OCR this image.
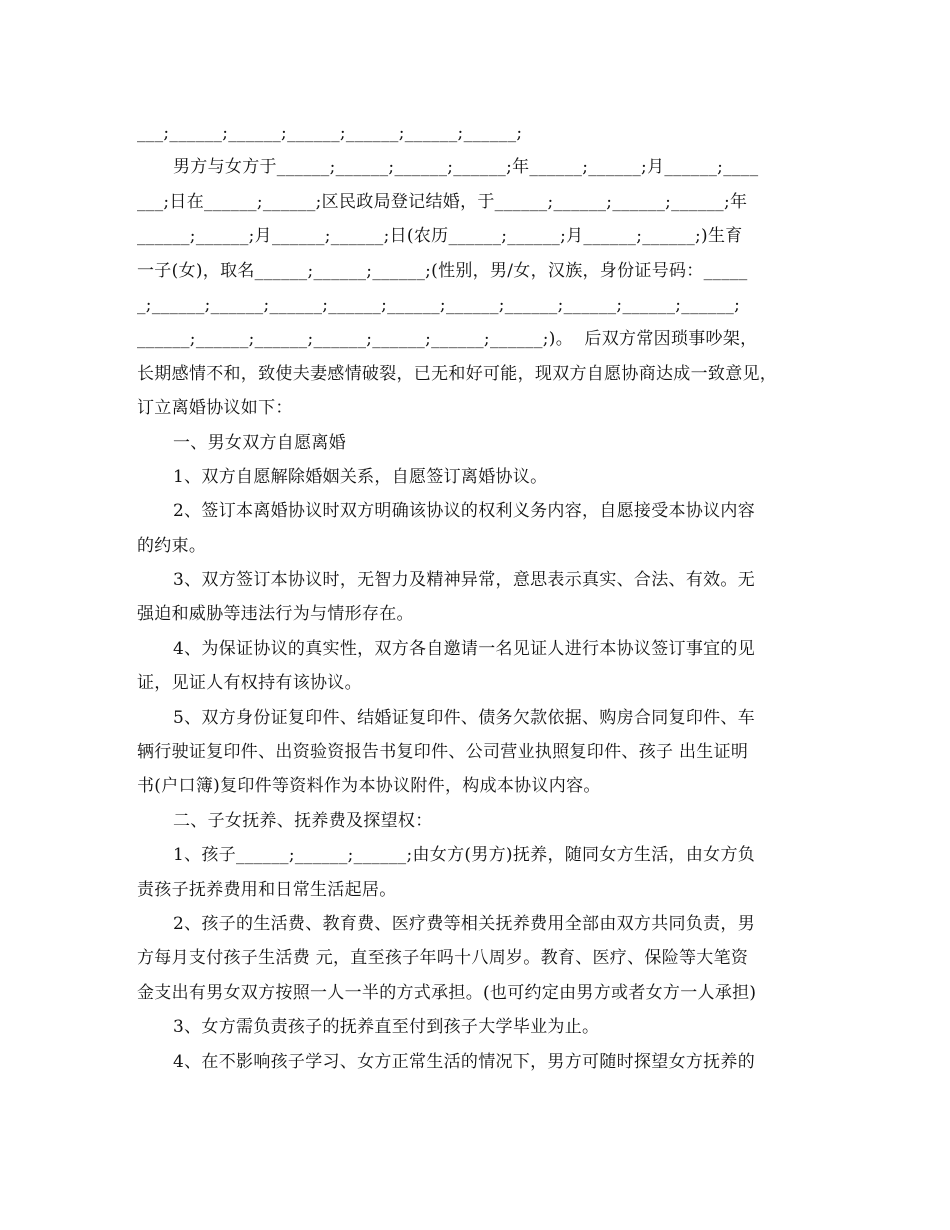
___;______;______;______;______;______;______;
男方与女方于______;______;______;______;年______;______;月______;____
___;日在______;______;区民政局登记结婚，于______;______;______;______;年
______;______;月______;______;日(农历______;______;月______;______;)生育
一子(女)，取名______;______;______;(性别，男/女，汉族，身份证号码：_____
_;______;______;______;______;______;______;______;______;______;______;
______;______;______;______;______;______;______;)。  后双方常因琐事吵架，
长期感情不和，致使夫妻感情破裂，已无和好可能，现双方自愿协商达成一致意见，
订立离婚协议如下：
一、男女双方自愿离婚
1、双方自愿解除婚姻关系，自愿签订离婚协议。
2、签订本离婚协议时双方明确该协议的权利义务内容，自愿接受本协议内容
的约束。
3、双方签订本协议时，无智力及精神异常，意思表示真实、合法、有效。无
强迫和威胁等违法行为与情形存在。
4、为保证协议的真实性，双方各自邀请一名见证人进行本协议签订事宜的见
证，见证人有权持有该协议。
5、双方身份证复印件、结婚证复印件、债务欠款依据、购房合同复印件、车
辆行驶证复印件、出资验资报告书复印件、公司营业执照复印件、孩子 出生证明
书(户口簿)复印件等资料作为本协议附件，构成本协议内容。
二、子女抚养、抚养费及探望权：
1、孩子______;______;______;由女方(男方)抚养，随同女方生活，由女方负
责孩子抚养费用和日常生活起居。
2、孩子的生活费、教育费、医疗费等相关抚养费用全部由双方共同负责，男
方每月支付孩子生活费 元，直至孩子年吗十八周岁。教育、医疗、保险等大笔资
金支出有男女双方按照一人一半的方式承担。(也可约定由男方或者女方一人承担)
3、女方需负责孩子的抚养直至付到孩子大学毕业为止。
4、在不影响孩子学习、女方正常生活的情况下，男方可随时探望女方抚养的
